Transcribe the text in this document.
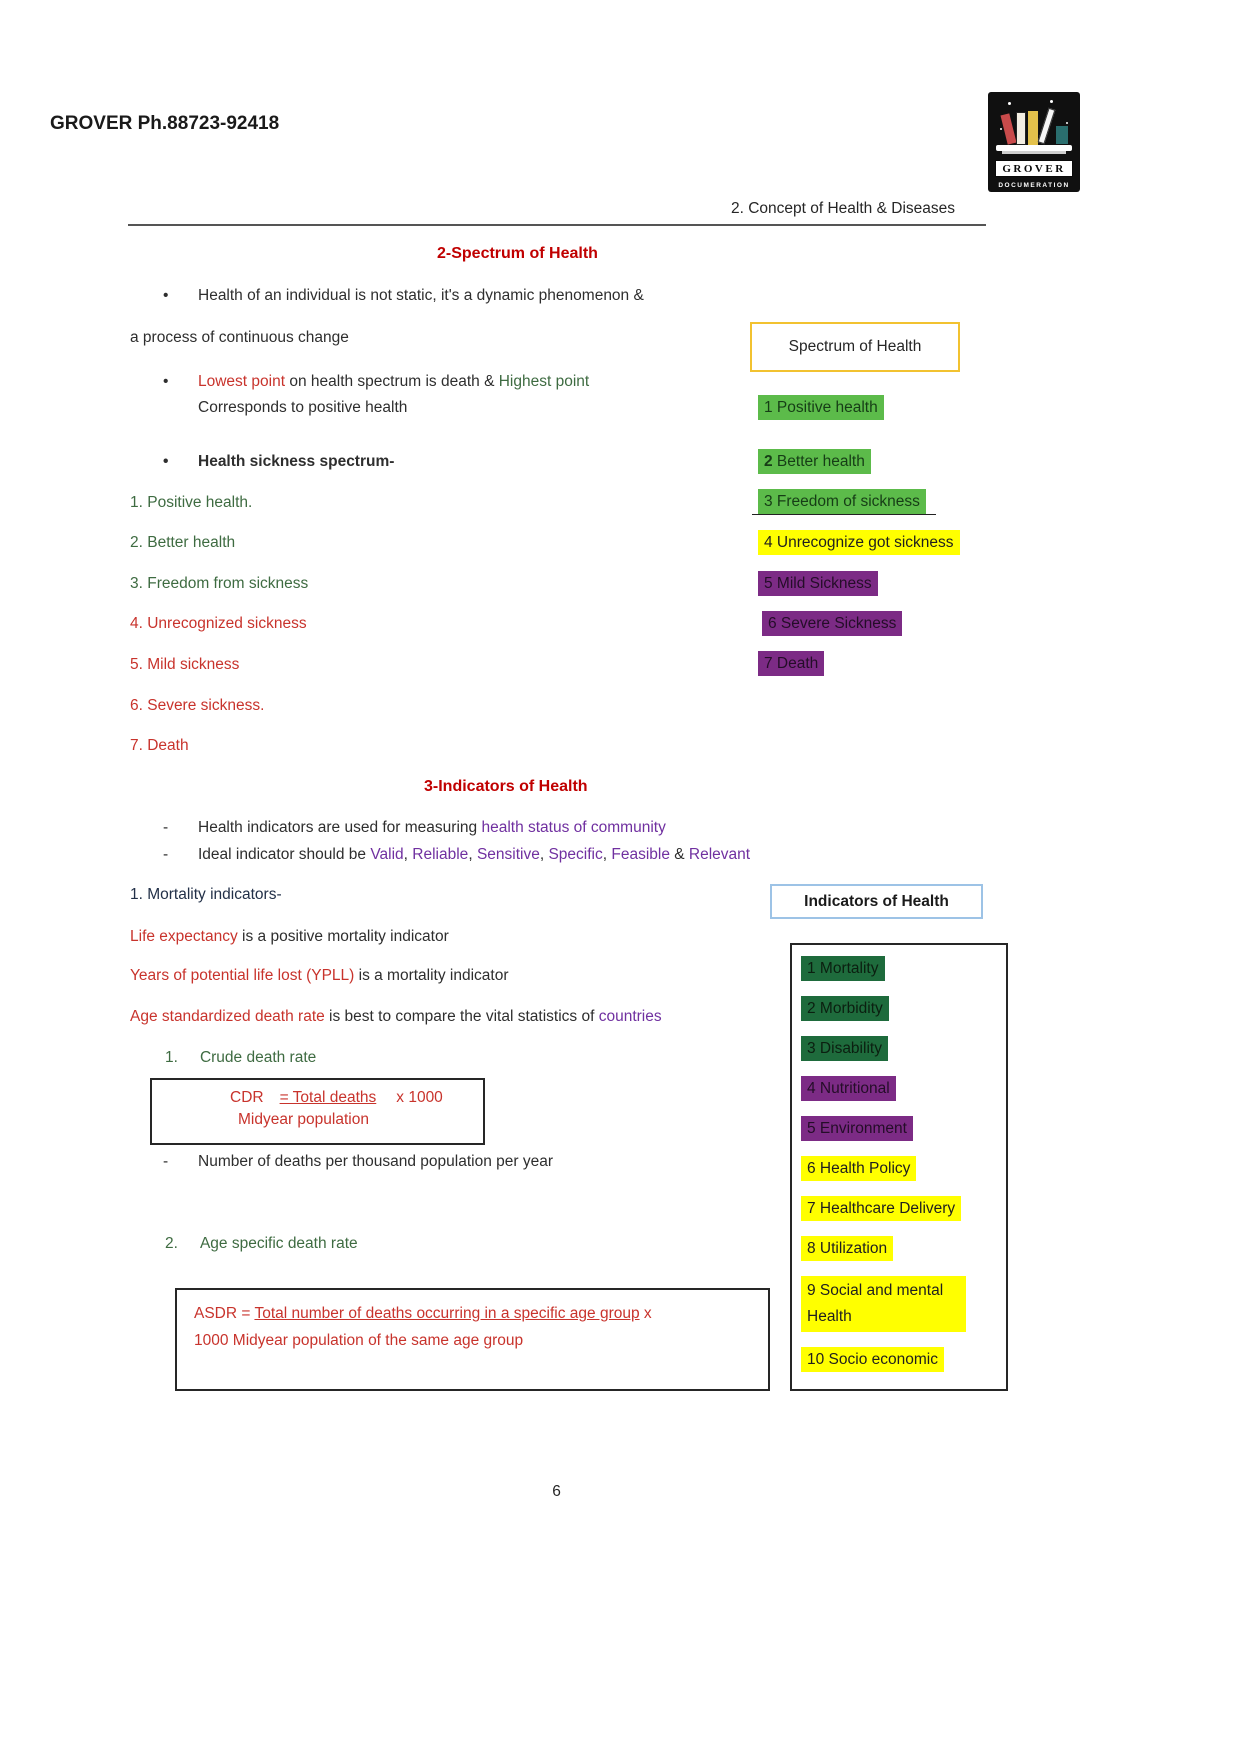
GROVER Ph.88723-92418
GROVER
DOCUMERATION
2. Concept of Health & Diseases
2-Spectrum of Health
•	Health of an individual is not static, it's a dynamic phenomenon &
a process of continuous change
Spectrum of Health
•	Lowest point on health spectrum is death & Highest point
Corresponds to positive health	1 Positive health
2 Better health
3 Freedom of sickness
4 Unrecognize got sickness
5 Mild Sickness
6 Severe Sickness
7 Death
•	Health sickness spectrum-
1. Positive health.
2. Better health
3. Freedom from sickness
4. Unrecognized sickness
5. Mild sickness
6. Severe sickness.
7. Death
3-Indicators of Health
-	Health indicators are used for measuring health status of community
-	Ideal indicator should be Valid, Reliable, Sensitive, Specific, Feasible & Relevant
Indicators of Health
1. Mortality indicators-
Life expectancy is a positive mortality indicator
Years of potential life lost (YPLL) is a mortality indicator
Age standardized death rate is best to compare the vital statistics of countries
1 Mortality
2 Morbidity
3 Disability
4 Nutritional
5 Environment
6 Health Policy
7 Healthcare Delivery
8 Utilization
9 Social and mental Health
10 Socio economic
1. Crude death rate
CDR = Total deaths x 1000
Midyear population
-	Number of deaths per thousand population per year
2. Age specific death rate
ASDR = Total number of deaths occurring in a specific age group x
1000 Midyear population of the same age group
6
